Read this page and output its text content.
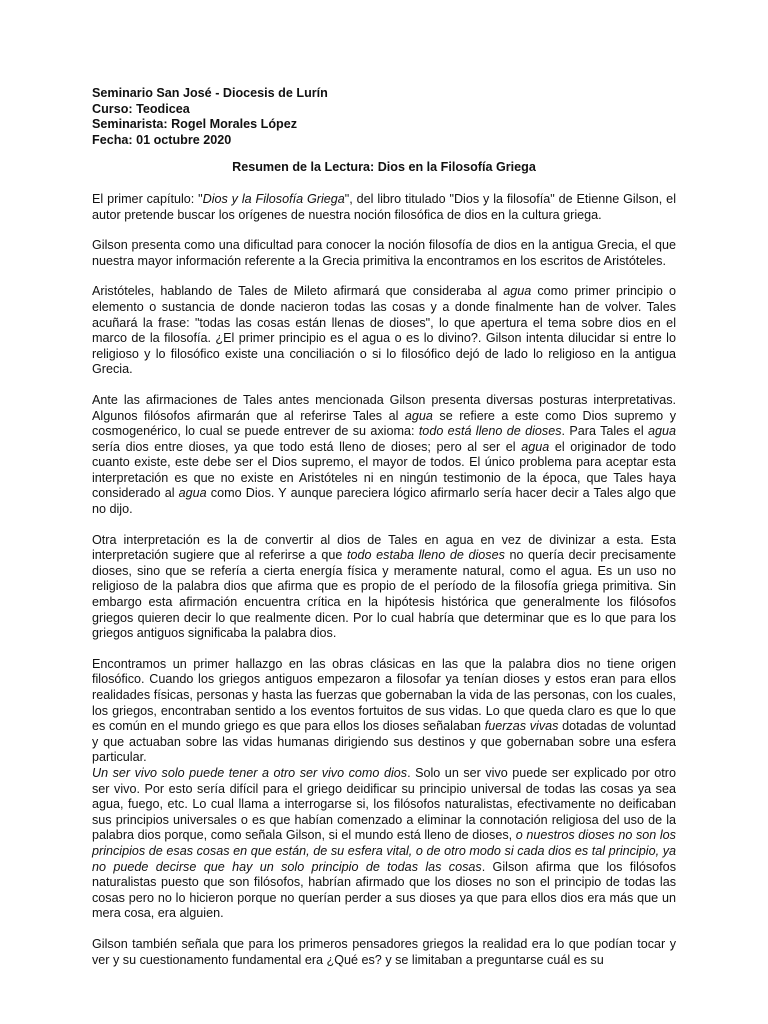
Seminario San José - Diocesis de Lurín
Curso: Teodicea
Seminarista: Rogel Morales López
Fecha: 01 octubre 2020
Resumen de la Lectura: Dios en la Filosofía Griega

El primer capítulo: "Dios y la Filosofía Griega", del libro titulado "Dios y la filosofía" de Etienne Gilson, el autor pretende buscar los orígenes de nuestra noción filosófica de dios en la cultura griega.

Gilson presenta como una dificultad para conocer la noción filosofía de dios en la antigua Grecia, el que nuestra mayor información referente a la Grecia primitiva la encontramos en los escritos de Aristóteles.

Aristóteles, hablando de Tales de Mileto afirmará que consideraba al agua como primer principio o elemento o sustancia de donde nacieron todas las cosas y a donde finalmente han de volver. Tales acuñará la frase: "todas las cosas están llenas de dioses", lo que apertura el tema sobre dios en el marco de la filosofía. ¿El primer principio es el agua o es lo divino?. Gilson intenta dilucidar si entre lo religioso y lo filosófico existe una conciliación o si lo filosófico dejó de lado lo religioso en la antigua Grecia.

Ante las afirmaciones de Tales antes mencionada Gilson presenta diversas posturas interpretativas. Algunos filósofos afirmarán que al referirse Tales al agua se refiere a este como Dios supremo y cosmogenérico, lo cual se puede entrever de su axioma: todo está lleno de dioses. Para Tales el agua sería dios entre dioses, ya que todo está lleno de dioses; pero al ser el agua el originador de todo cuanto existe, este debe ser el Dios supremo, el mayor de todos. El único problema para aceptar esta interpretación es que no existe en Aristóteles ni en ningún testimonio de la época, que Tales haya considerado al agua como Dios. Y aunque pareciera lógico afirmarlo sería hacer decir a Tales algo que no dijo.

Otra interpretación es la de convertir al dios de Tales en agua en vez de divinizar a esta. Esta interpretación sugiere que al referirse a que todo estaba lleno de dioses no quería decir precisamente dioses, sino que se refería a cierta energía física y meramente natural, como el agua. Es un uso no religioso de la palabra dios que afirma que es propio de el período de la filosofía griega primitiva. Sin embargo esta afirmación encuentra crítica en la hipótesis histórica que generalmente los filósofos griegos quieren decir lo que realmente dicen. Por lo cual habría que determinar que es lo que para los griegos antiguos significaba la palabra dios.

Encontramos un primer hallazgo en las obras clásicas en las que la palabra dios no tiene origen filosófico. Cuando los griegos antiguos empezaron a filosofar ya tenían dioses y estos eran para ellos realidades físicas, personas y hasta las fuerzas que gobernaban la vida de las personas, con los cuales, los griegos, encontraban sentido a los eventos fortuitos de sus vidas. Lo que queda claro es que lo que es común en el mundo griego es que para ellos los dioses señalaban fuerzas vivas dotadas de voluntad y que actuaban sobre las vidas humanas dirigiendo sus destinos y que gobernaban sobre una esfera particular.

Un ser vivo solo puede tener a otro ser vivo como dios. Solo un ser vivo puede ser explicado por otro ser vivo. Por esto sería difícil para el griego deidificar su principio universal de todas las cosas ya sea agua, fuego, etc. Lo cual llama a interrogarse si, los filósofos naturalistas, efectivamente no deificaban sus principios universales o es que habían comenzado a eliminar la connotación religiosa del uso de la palabra dios porque, como señala Gilson, si el mundo está lleno de dioses, o nuestros dioses no son los principios de esas cosas en que están, de su esfera vital, o de otro modo si cada dios es tal principio, ya no puede decirse que hay un solo principio de todas las cosas. Gilson afirma que los filósofos naturalistas puesto que son filósofos, habrían afirmado que los dioses no son el principio de todas las cosas pero no lo hicieron porque no querían perder a sus dioses ya que para ellos dios era más que un mera cosa, era alguien.

Gilson también señala que para los primeros pensadores griegos la realidad era lo que podían tocar y ver y su cuestionamento fundamental era ¿Qué es? y se limitaban a preguntarse cuál es su
